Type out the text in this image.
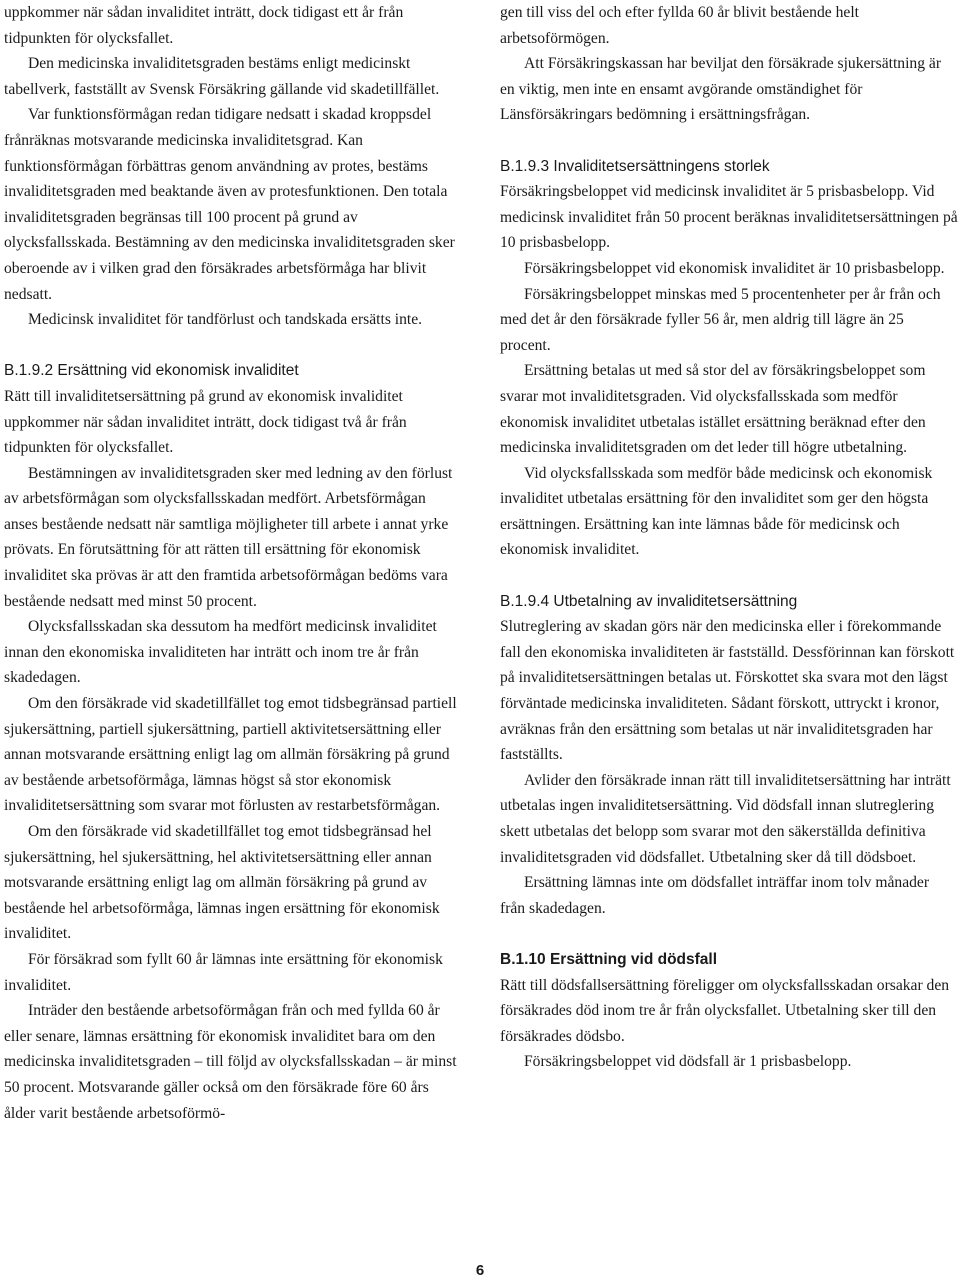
uppkommer när sådan invaliditet inträtt, dock tidigast ett år från tidpunkten för olycksfallet.

Den medicinska invaliditetsgraden bestäms enligt medicinskt tabellverk, fastställt av Svensk Försäkring gällande vid skadetillfället.

Var funktionsförmågan redan tidigare nedsatt i skadad kroppsdel frånräknas motsvarande medicinska invaliditetsgrad. Kan funktionsförmågan förbättras genom användning av protes, bestäms invaliditetsgraden med beaktande även av protesfunktionen. Den totala invaliditetsgraden begränsas till 100 procent på grund av olycksfallsskada. Bestämning av den medicinska invaliditetsgraden sker oberoende av i vilken grad den försäkrades arbetsförmåga har blivit nedsatt.

Medicinsk invaliditet för tandförlust och tandskada ersätts inte.

B.1.9.2 Ersättning vid ekonomisk invaliditet

Rätt till invaliditetsersättning på grund av ekonomisk invaliditet uppkommer när sådan invaliditet inträtt, dock tidigast två år från tidpunkten för olycksfallet.

Bestämningen av invaliditetsgraden sker med ledning av den förlust av arbetsförmågan som olycksfallsskadan medfört. Arbetsförmågan anses bestående nedsatt när samtliga möjligheter till arbete i annat yrke prövats. En förutsättning för att rätten till ersättning för ekonomisk invaliditet ska prövas är att den framtida arbetsoförmågan bedöms vara bestående nedsatt med minst 50 procent.

Olycksfallsskadan ska dessutom ha medfört medicinsk invaliditet innan den ekonomiska invaliditeten har inträtt och inom tre år från skadedagen.

Om den försäkrade vid skadetillfället tog emot tidsbegränsad partiell sjukersättning, partiell sjukersättning, partiell aktivitetsersättning eller annan motsvarande ersättning enligt lag om allmän försäkring på grund av bestående arbetsoförmåga, lämnas högst så stor ekonomisk invaliditetsersättning som svarar mot förlusten av restarbetsförmågan.

Om den försäkrade vid skadetillfället tog emot tidsbegränsad hel sjukersättning, hel sjukersättning, hel aktivitetsersättning eller annan motsvarande ersättning enligt lag om allmän försäkring på grund av bestående hel arbetsoförmåga, lämnas ingen ersättning för ekonomisk invaliditet.

För försäkrad som fyllt 60 år lämnas inte ersättning för ekonomisk invaliditet.

Inträder den bestående arbetsoförmågan från och med fyllda 60 år eller senare, lämnas ersättning för ekonomisk invaliditet bara om den medicinska invaliditetsgraden – till följd av olycksfallsskadan – är minst 50 procent. Motsvarande gäller också om den försäkrade före 60 års ålder varit bestående arbetsoförmö-

gen till viss del och efter fyllda 60 år blivit bestående helt arbetsoförmögen.

Att Försäkringskassan har beviljat den försäkrade sjukersättning är en viktig, men inte en ensamt avgörande omständighet för Länsförsäkringars bedömning i ersättningsfrågan.

B.1.9.3 Invaliditetsersättningens storlek

Försäkringsbeloppet vid medicinsk invaliditet är 5 prisbasbelopp. Vid medicinsk invaliditet från 50 procent beräknas invaliditetsersättningen på 10 prisbasbelopp.

Försäkringsbeloppet vid ekonomisk invaliditet är 10 prisbasbelopp.

Försäkringsbeloppet minskas med 5 procentenheter per år från och med det år den försäkrade fyller 56 år, men aldrig till lägre än 25 procent.

Ersättning betalas ut med så stor del av försäkringsbeloppet som svarar mot invaliditetsgraden. Vid olycksfallsskada som medför ekonomisk invaliditet utbetalas istället ersättning beräknad efter den medicinska invaliditetsgraden om det leder till högre utbetalning.

Vid olycksfallsskada som medför både medicinsk och ekonomisk invaliditet utbetalas ersättning för den invaliditet som ger den högsta ersättningen. Ersättning kan inte lämnas både för medicinsk och ekonomisk invaliditet.

B.1.9.4 Utbetalning av invaliditetsersättning

Slutreglering av skadan görs när den medicinska eller i förekommande fall den ekonomiska invaliditeten är fastställd. Dessförinnan kan förskott på invaliditetsersättningen betalas ut. Förskottet ska svara mot den lägst förväntade medicinska invaliditeten. Sådant förskott, uttryckt i kronor, avräknas från den ersättning som betalas ut när invaliditetsgraden har fastställts.

Avlider den försäkrade innan rätt till invaliditetsersättning har inträtt utbetalas ingen invaliditetsersättning. Vid dödsfall innan slutreglering skett utbetalas det belopp som svarar mot den säkerställda definitiva invaliditetsgraden vid dödsfallet. Utbetalning sker då till dödsboet.

Ersättning lämnas inte om dödsfallet inträffar inom tolv månader från skadedagen.

B.1.10 Ersättning vid dödsfall

Rätt till dödsfallsersättning föreligger om olycksfallsskadan orsakar den försäkrades död inom tre år från olycksfallet. Utbetalning sker till den försäkrades dödsbo.

Försäkringsbeloppet vid dödsfall är 1 prisbasbelopp.

6
